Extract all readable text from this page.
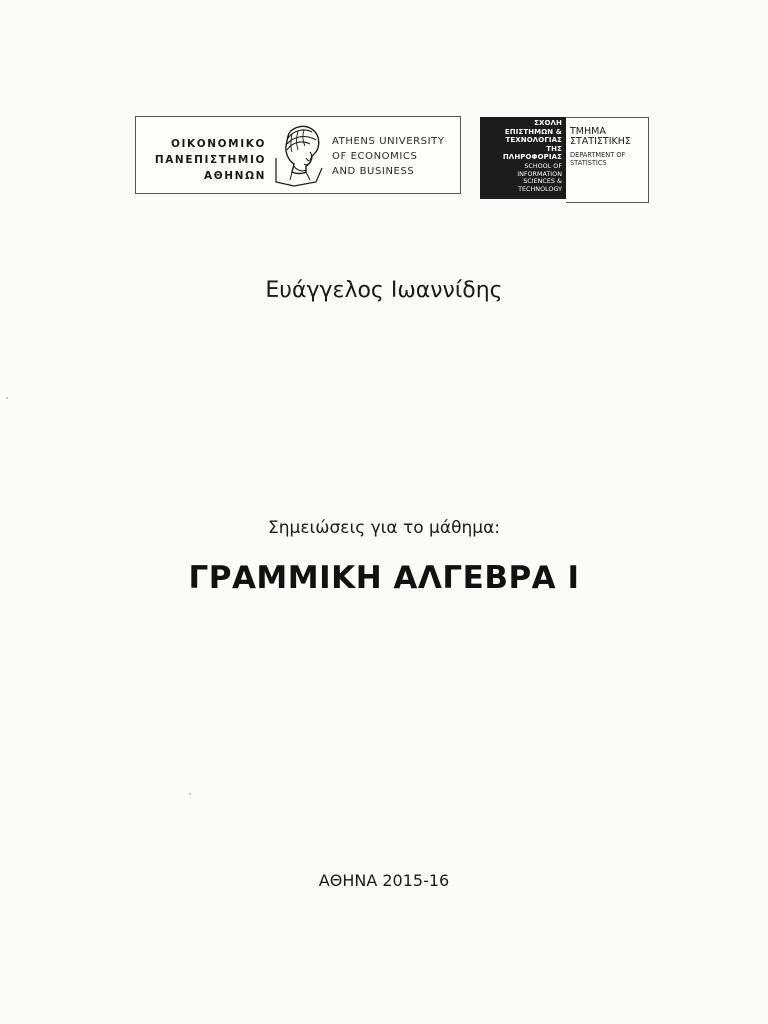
ΟΙΚΟΝΟΜΙΚΟ
ΠΑΝΕΠΙΣΤΗΜΙΟ
ΑΘΗΝΩΝ
ATHENS UNIVERSITY
OF ECONOMICS
AND BUSINESS
ΣΧΟΛΗ
ΕΠΙΣΤΗΜΩΝ &
ΤΕΧΝΟΛΟΓΙΑΣ
ΤΗΣ
ΠΛΗΡΟΦΟΡΙΑΣ
SCHOOL OF
INFORMATION
SCIENCES &
TECHNOLOGY
ΤΜΗΜΑ
ΣΤΑΤΙΣΤΙΚΗΣ
DEPARTMENT OF
STATISTICS
Ευάγγελος Ιωαννίδης
Σημειώσεις για το μάθημα:
ΓΡΑΜΜΙΚΗ ΑΛΓΕΒΡΑ Ι
ΑΘΗΝΑ 2015-16
